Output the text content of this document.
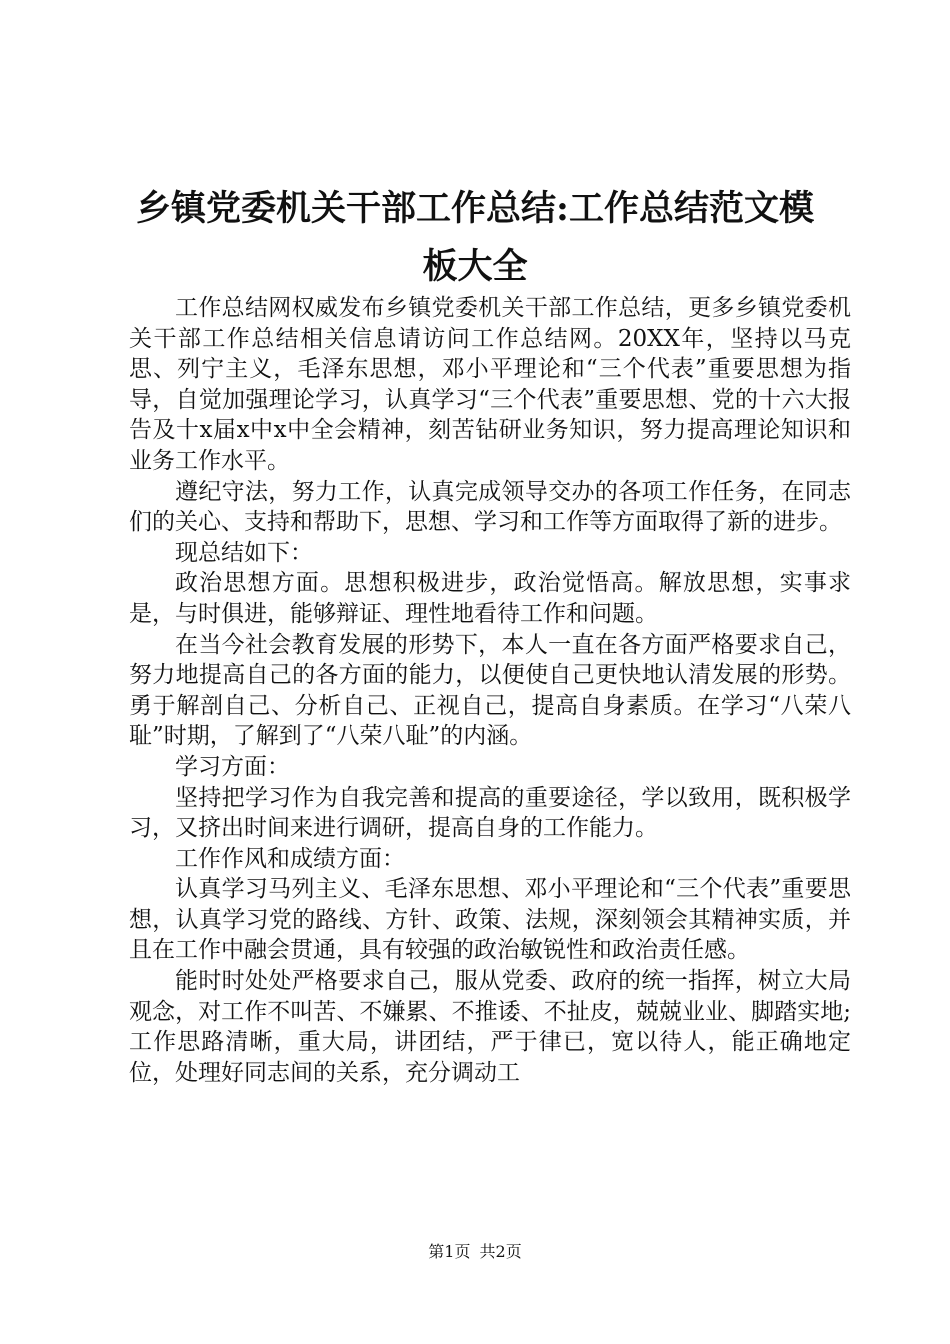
乡镇党委机关干部工作总结:工作总结范文模板大全

工作总结网权威发布乡镇党委机关干部工作总结，更多乡镇党委机关干部工作总结相关信息请访问工作总结网。20XX年，坚持以马克思、列宁主义，毛泽东思想，邓小平理论和“三个代表”重要思想为指导，自觉加强理论学习，认真学习“三个代表”重要思想、党的十六大报告及十x届x中x中全会精神，刻苦钻研业务知识，努力提高理论知识和业务工作水平。

遵纪守法，努力工作，认真完成领导交办的各项工作任务，在同志们的关心、支持和帮助下，思想、学习和工作等方面取得了新的进步。

现总结如下：

政治思想方面。思想积极进步，政治觉悟高。解放思想，实事求是，与时俱进，能够辩证、理性地看待工作和问题。

在当今社会教育发展的形势下，本人一直在各方面严格要求自己，努力地提高自己的各方面的能力，以便使自己更快地认清发展的形势。勇于解剖自己、分析自己、正视自己，提高自身素质。在学习“八荣八耻”时期，了解到了“八荣八耻”的内涵。

学习方面：

坚持把学习作为自我完善和提高的重要途径，学以致用，既积极学习，又挤出时间来进行调研，提高自身的工作能力。

工作作风和成绩方面：

认真学习马列主义、毛泽东思想、邓小平理论和“三个代表”重要思想，认真学习党的路线、方针、政策、法规，深刻领会其精神实质，并且在工作中融会贯通，具有较强的政治敏锐性和政治责任感。

能时时处处严格要求自己，服从党委、政府的统一指挥，树立大局观念，对工作不叫苦、不嫌累、不推诿、不扯皮，兢兢业业、脚踏实地;工作思路清晰，重大局，讲团结，严于律已，宽以待人，能正确地定位，处理好同志间的关系，充分调动工

第1页 共2页
